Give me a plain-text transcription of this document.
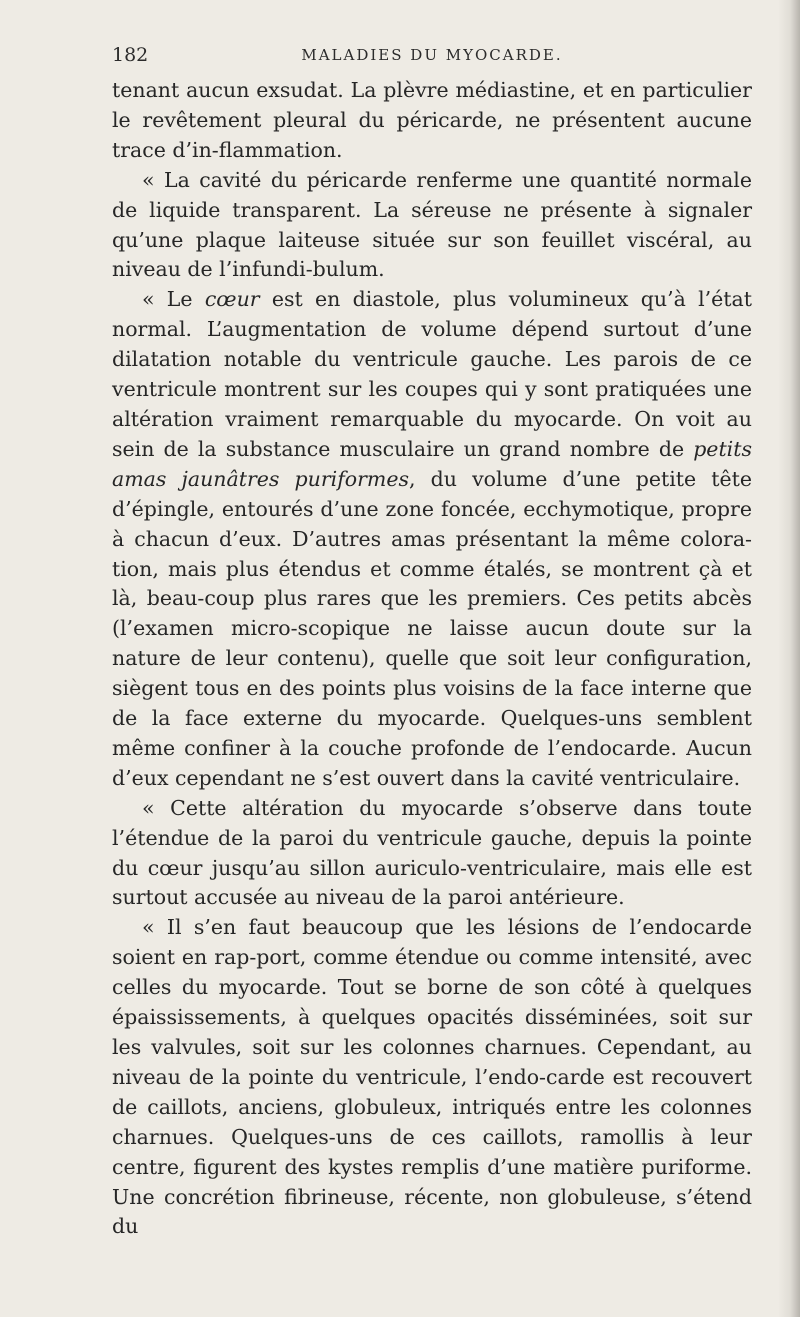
182	MALADIES DU MYOCARDE.

tenant aucun exsudat. La plèvre médiastine, et en particulier le revêtement pleural du péricarde, ne présentent aucune trace d’in-flammation.

« La cavité du péricarde renferme une quantité normale de liquide transparent. La séreuse ne présente à signaler qu’une plaque laiteuse située sur son feuillet viscéral, au niveau de l’infundi-bulum.

« Le cœur est en diastole, plus volumineux qu’à l’état normal. L’augmentation de volume dépend surtout d’une dilatation notable du ventricule gauche. Les parois de ce ventricule montrent sur les coupes qui y sont pratiquées une altération vraiment remarquable du myocarde. On voit au sein de la substance musculaire un grand nombre de petits amas jaunâtres puriformes, du volume d’une petite tête d’épingle, entourés d’une zone foncée, ecchymotique, propre à chacun d’eux. D’autres amas présentant la même colora-tion, mais plus étendus et comme étalés, se montrent çà et là, beau-coup plus rares que les premiers. Ces petits abcès (l’examen micro-scopique ne laisse aucun doute sur la nature de leur contenu), quelle que soit leur configuration, siègent tous en des points plus voisins de la face interne que de la face externe du myocarde. Quelques-uns semblent même confiner à la couche profonde de l’endocarde. Aucun d’eux cependant ne s’est ouvert dans la cavité ventriculaire.

« Cette altération du myocarde s’observe dans toute l’étendue de la paroi du ventricule gauche, depuis la pointe du cœur jusqu’au sillon auriculo-ventriculaire, mais elle est surtout accusée au niveau de la paroi antérieure.

« Il s’en faut beaucoup que les lésions de l’endocarde soient en rap-port, comme étendue ou comme intensité, avec celles du myocarde. Tout se borne de son côté à quelques épaississements, à quelques opacités disséminées, soit sur les valvules, soit sur les colonnes charnues. Cependant, au niveau de la pointe du ventricule, l’endo-carde est recouvert de caillots, anciens, globuleux, intriqués entre les colonnes charnues. Quelques-uns de ces caillots, ramollis à leur centre, figurent des kystes remplis d’une matière puriforme. Une concrétion fibrineuse, récente, non globuleuse, s’étend du
